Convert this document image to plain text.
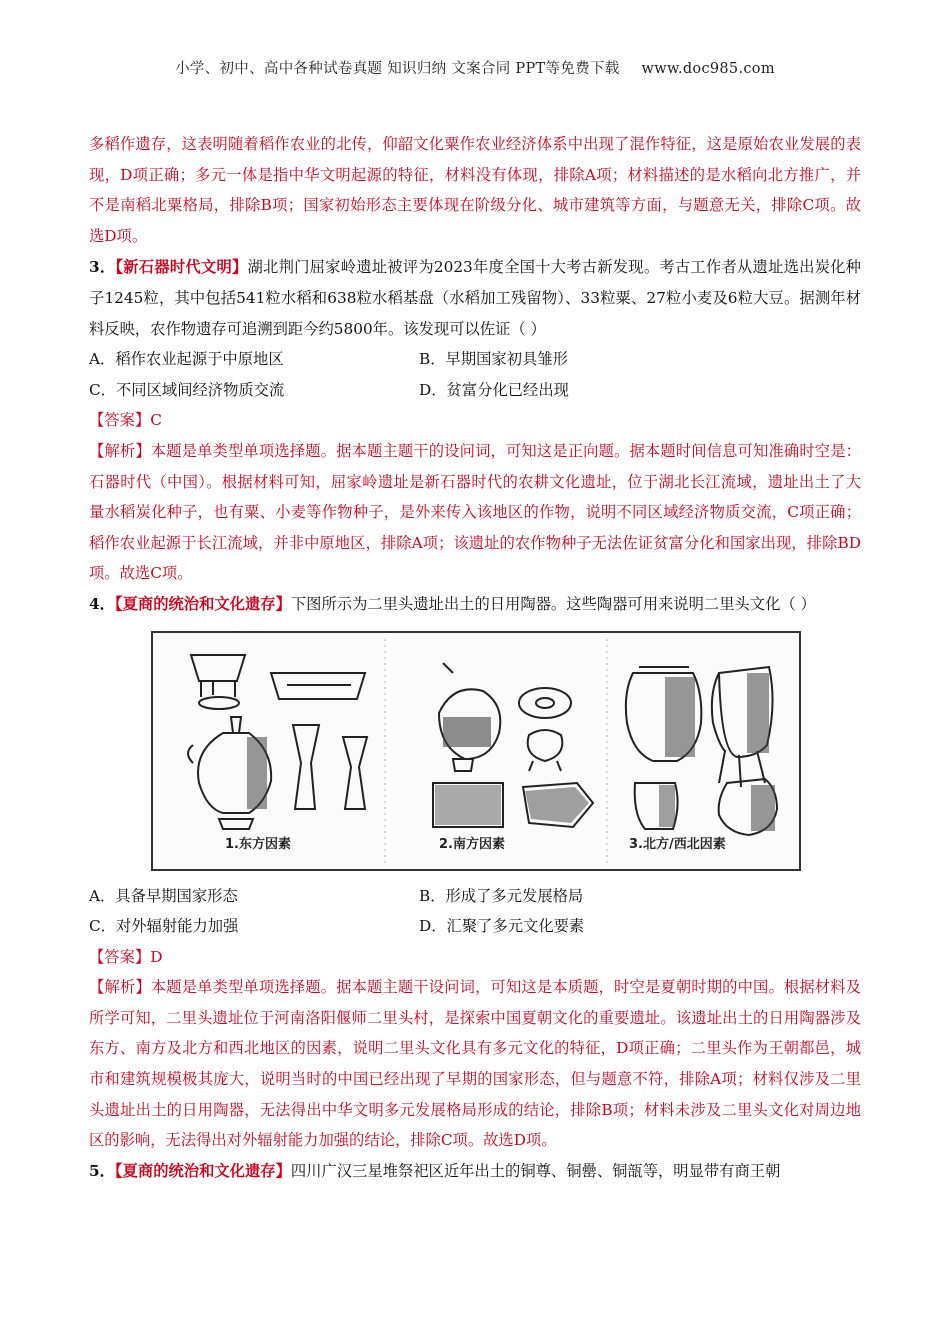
小学、初中、高中各种试卷真题 知识归纳 文案合同 PPT等免费下载 www.doc985.com

多稻作遗存，这表明随着稻作农业的北传，仰韶文化粟作农业经济体系中出现了混作特征，这是原始农业发展的表现，D项正确；多元一体是指中华文明起源的特征，材料没有体现，排除A项；材料描述的是水稻向北方推广，并不是南稻北粟格局，排除B项；国家初始形态主要体现在阶级分化、城市建筑等方面，与题意无关，排除C项。故选D项。

3．【新石器时代文明】湖北荆门屈家岭遗址被评为2023年度全国十大考古新发现。考古工作者从遗址选出炭化种子1245粒，其中包括541粒水稻和638粒水稻基盘（水稻加工残留物）、33粒粟、27粒小麦及6粒大豆。据测年材料反映，农作物遗存可追溯到距今约5800年。该发现可以佐证（ ）

A．稻作农业起源于中原地区	B．早期国家初具雏形
C．不同区域间经济物质交流	D．贫富分化已经出现

【答案】C

【解析】本题是单类型单项选择题。据本题主题干的设问词，可知这是正向题。据本题时间信息可知准确时空是：石器时代（中国）。根据材料可知，屈家岭遗址是新石器时代的农耕文化遗址，位于湖北长江流域，遗址出土了大量水稻炭化种子，也有粟、小麦等作物种子，是外来传入该地区的作物，说明不同区域经济物质交流，C项正确；稻作农业起源于长江流域，并非中原地区，排除A项；该遗址的农作物种子无法佐证贫富分化和国家出现，排除BD项。故选C项。

4．【夏商的统治和文化遗存】下图所示为二里头遗址出土的日用陶器。这些陶器可用来说明二里头文化（ ）

1.东方因素	2.南方因素	3.北方/西北因素
A．具备早期国家形态	B．形成了多元发展格局
C．对外辐射能力加强	D．汇聚了多元文化要素

【答案】D

【解析】本题是单类型单项选择题。据本题主题干设问词，可知这是本质题，时空是夏朝时期的中国。根据材料及所学可知，二里头遗址位于河南洛阳偃师二里头村，是探索中国夏朝文化的重要遗址。该遗址出土的日用陶器涉及东方、南方及北方和西北地区的因素，说明二里头文化具有多元文化的特征，D项正确；二里头作为王朝都邑，城市和建筑规模极其庞大，说明当时的中国已经出现了早期的国家形态，但与题意不符，排除A项；材料仅涉及二里头遗址出土的日用陶器，无法得出中华文明多元发展格局形成的结论，排除B项；材料未涉及二里头文化对周边地区的影响，无法得出对外辐射能力加强的结论，排除C项。故选D项。

5．【夏商的统治和文化遗存】四川广汉三星堆祭祀区近年出土的铜尊、铜罍、铜瓿等，明显带有商王朝
